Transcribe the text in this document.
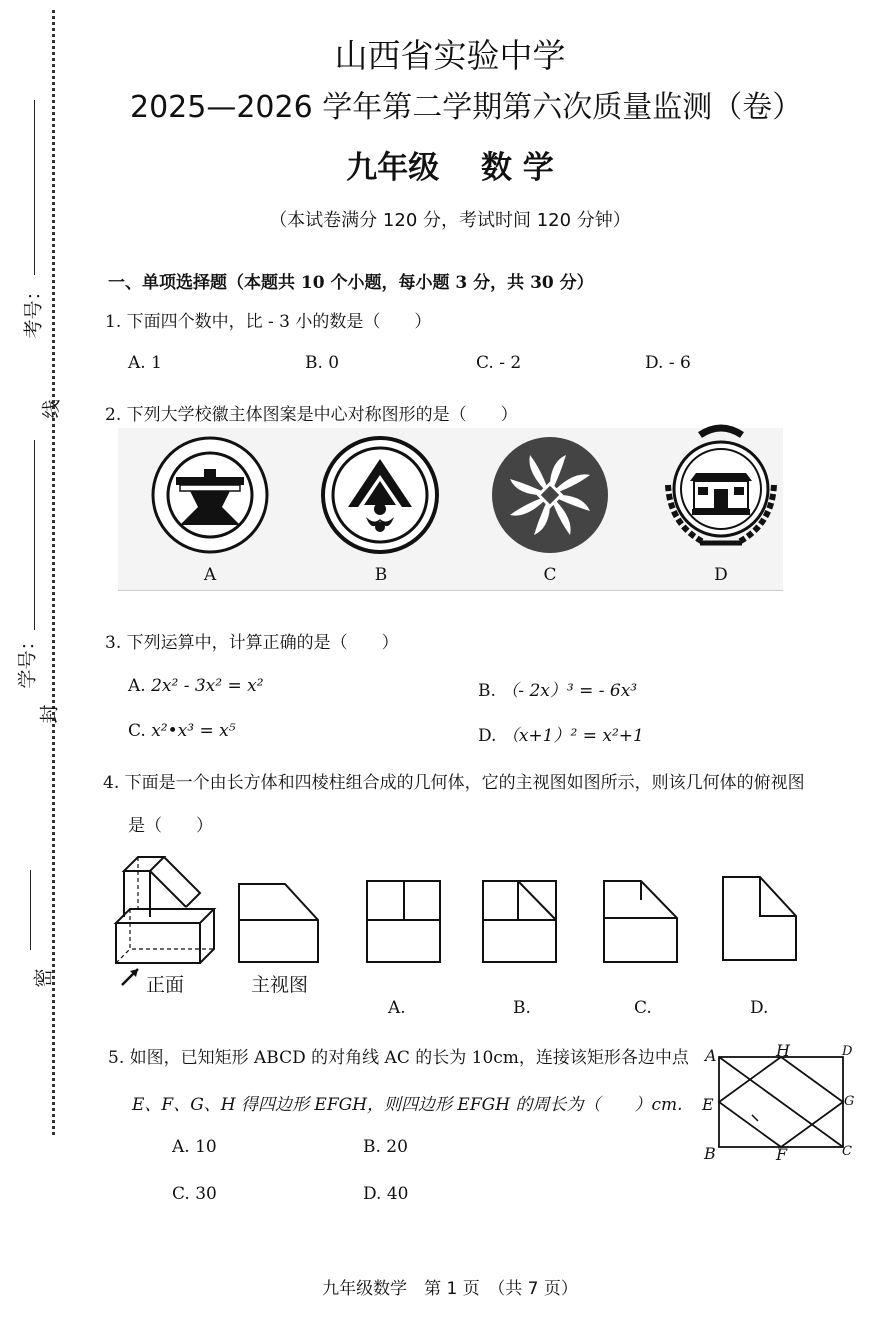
考号：
学号：
线
封
密
山西省实验中学
2025—2026 学年第二学期第六次质量监测（卷）
九年级　 数 学
（本试卷满分 120 分，考试时间 120 分钟）
一、单项选择题（本题共 10 个小题，每小题 3 分，共 30 分）
1. 下面四个数中，比 - 3 小的数是（　　）
A. 1	B. 0	C. - 2	D. - 6
2. 下列大学校徽主体图案是中心对称图形的是（　　）
A	B	C	D
3. 下列运算中，计算正确的是（　　）
A. 2x² - 3x² = x²	B. （- 2x）³ = - 6x³
C. x²•x³ = x⁵	D. （x+1）² = x²+1
4. 下面是一个由长方体和四棱柱组合成的几何体，它的主视图如图所示，则该几何体的俯视图
是（　　）
正面	主视图
A.	B.	C.	D.
5. 如图，已知矩形 ABCD 的对角线 AC 的长为 10cm，连接该矩形各边中点
E、F、G、H 得四边形 EFGH，则四边形 EFGH 的周长为（　　）cm.
A. 10	B. 20
C. 30	D. 40
A	H	D
E	G
B	F	C
九年级数学　第 1 页　（共 7 页）
